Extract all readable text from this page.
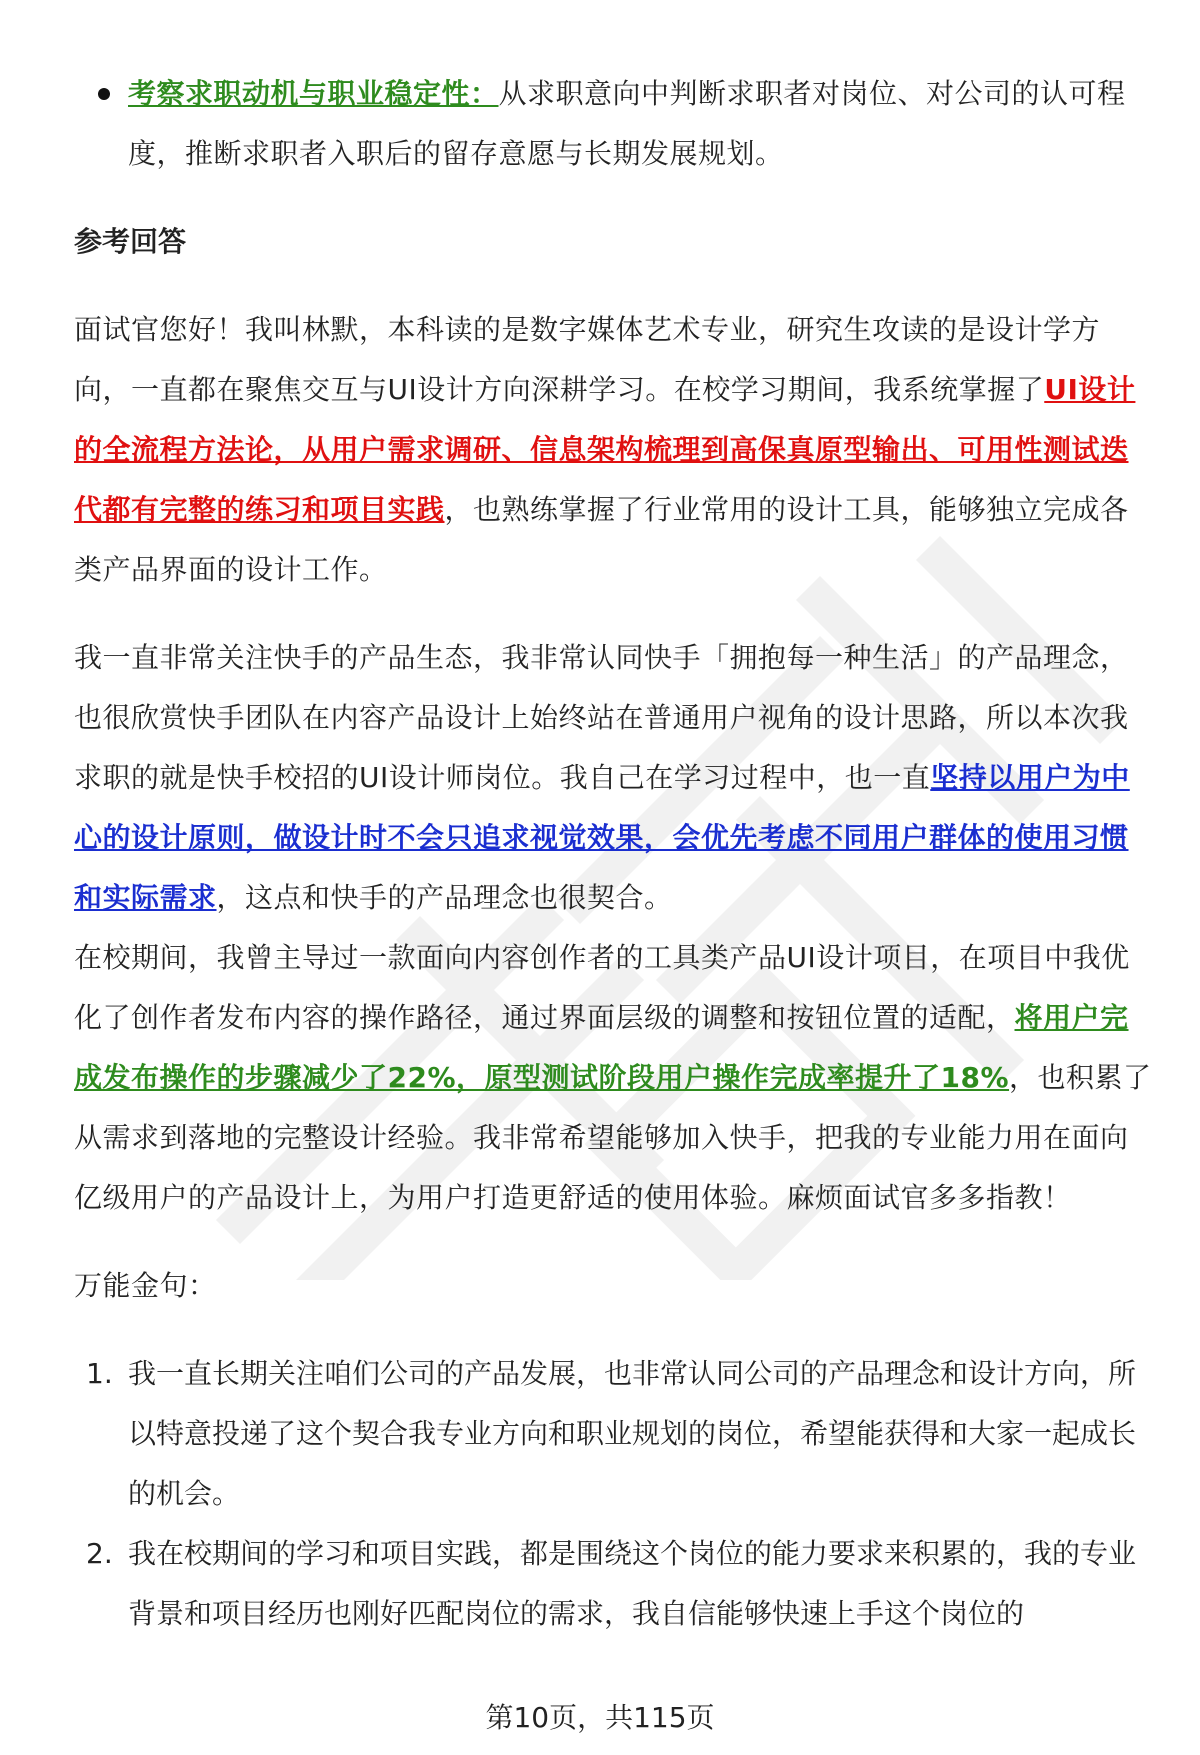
考察求职动机与职业稳定性：从求职意向中判断求职者对岗位、对公司的认可程度，推断求职者入职后的留存意愿与长期发展规划。
参考回答

面试官您好！我叫林默，本科读的是数字媒体艺术专业，研究生攻读的是设计学方向，一直都在聚焦交互与UI设计方向深耕学习。在校学习期间，我系统掌握了UI设计的全流程方法论，从用户需求调研、信息架构梳理到高保真原型输出、可用性测试迭代都有完整的练习和项目实践，也熟练掌握了行业常用的设计工具，能够独立完成各类产品界面的设计工作。

我一直非常关注快手的产品生态，我非常认同快手「拥抱每一种生活」的产品理念，也很欣赏快手团队在内容产品设计上始终站在普通用户视角的设计思路，所以本次我求职的就是快手校招的UI设计师岗位。我自己在学习过程中，也一直坚持以用户为中心的设计原则，做设计时不会只追求视觉效果，会优先考虑不同用户群体的使用习惯和实际需求，这点和快手的产品理念也很契合。

在校期间，我曾主导过一款面向内容创作者的工具类产品UI设计项目，在项目中我优化了创作者发布内容的操作路径，通过界面层级的调整和按钮位置的适配，将用户完成发布操作的步骤减少了22%，原型测试阶段用户操作完成率提升了18%，也积累了从需求到落地的完整设计经验。我非常希望能够加入快手，把我的专业能力用在面向亿级用户的产品设计上，为用户打造更舒适的使用体验。麻烦面试官多多指教！

万能金句：

1. 我一直长期关注咱们公司的产品发展，也非常认同公司的产品理念和设计方向，所以特意投递了这个契合我专业方向和职业规划的岗位，希望能获得和大家一起成长的机会。
2. 我在校期间的学习和项目实践，都是围绕这个岗位的能力要求来积累的，我的专业背景和项目经历也刚好匹配岗位的需求，我自信能够快速上手这个岗位的
第10页，共115页
